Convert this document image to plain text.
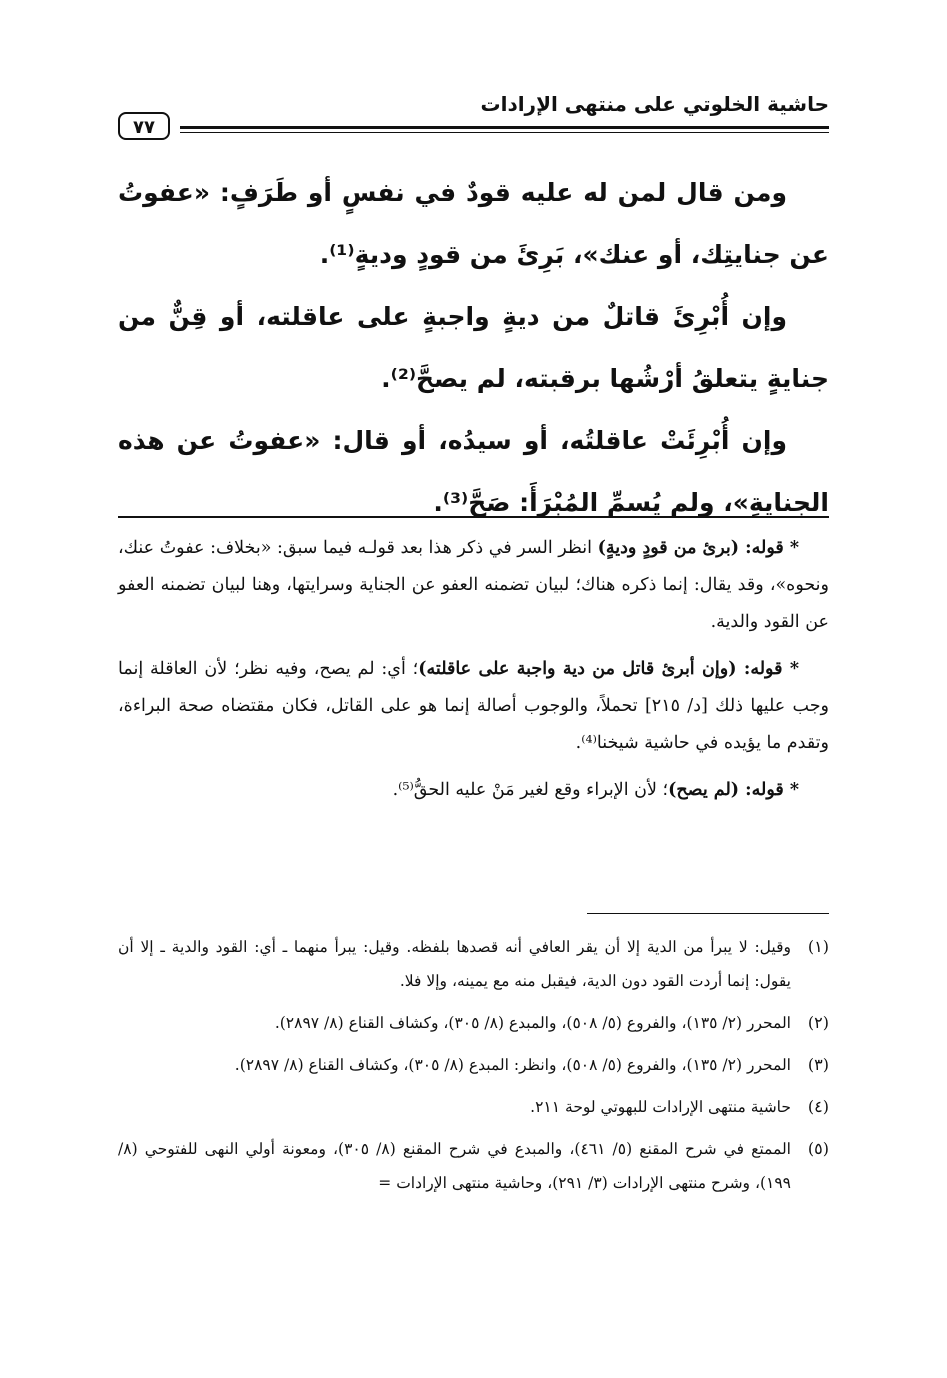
حاشية الخلوتي على منتهى الإرادات
٧٧

ومن قال لمن له عليه قودٌ في نفسٍ أو طَرَفٍ: «عفوتُ عن جنايتِك، أو عنك»، بَرِئَ من قودٍ وديةٍ⁽¹⁾.

وإن أُبْرِئَ قاتلٌ من ديةٍ واجبةٍ على عاقلته، أو قِنٌّ من جنايةٍ يتعلقُ أرْشُها برقبته، لم يصحَّ⁽²⁾.

وإن أُبْرِئَتْ عاقلتُه، أو سيدُه، أو قال: «عفوتُ عن هذه الجنايةِ»، ولم يُسمِّ المُبْرَأَ: صَحَّ⁽³⁾.

* قوله: (برئ من قودٍ وديةٍ) انظر السر في ذكر هذا بعد قولـه فيما سبق: «بخلاف: عفوتُ عنك، ونحوه»، وقد يقال: إنما ذكره هناك؛ لبيان تضمنه العفو عن الجناية وسرايتها، وهنا لبيان تضمنه العفو عن القود والدية.

* قوله: (وإن أبرئ قاتل من دية واجبة على عاقلته)؛ أي: لم يصح، وفيه نظر؛ لأن العاقلة إنما وجب عليها ذلك [د/ ٢١٥] تحملاً، والوجوب أصالة إنما هو على القاتل، فكان مقتضاه صحة البراءة، وتقدم ما يؤيده في حاشية شيخنا⁽⁴⁾.

* قوله: (لم يصح)؛ لأن الإبراء وقع لغير مَنْ عليه الحقُّ⁽⁵⁾.

(١)
وقيل: لا يبرأ من الدية إلا أن يقر العافي أنه قصدها بلفظه. وقيل: يبرأ منهما ـ أي: القود والدية ـ إلا أن يقول: إنما أردت القود دون الدية، فيقبل منه مع يمينه، وإلا فلا.
(٢)
المحرر (٢/ ١٣٥)، والفروع (٥/ ٥٠٨)، والمبدع (٨/ ٣٠٥)، وكشاف القناع (٨/ ٢٨٩٧).
(٣)
المحرر (٢/ ١٣٥)، والفروع (٥/ ٥٠٨)، وانظر: المبدع (٨/ ٣٠٥)، وكشاف القناع (٨/ ٢٨٩٧).
(٤)
حاشية منتهى الإرادات للبهوتي لوحة ٢١١.
(٥)
الممتع في شرح المقنع (٥/ ٤٦١)، والمبدع في شرح المقنع (٨/ ٣٠٥)، ومعونة أولي النهى للفتوحي (٨/ ١٩٩)، وشرح منتهى الإرادات (٣/ ٢٩١)، وحاشية منتهى الإرادات =
